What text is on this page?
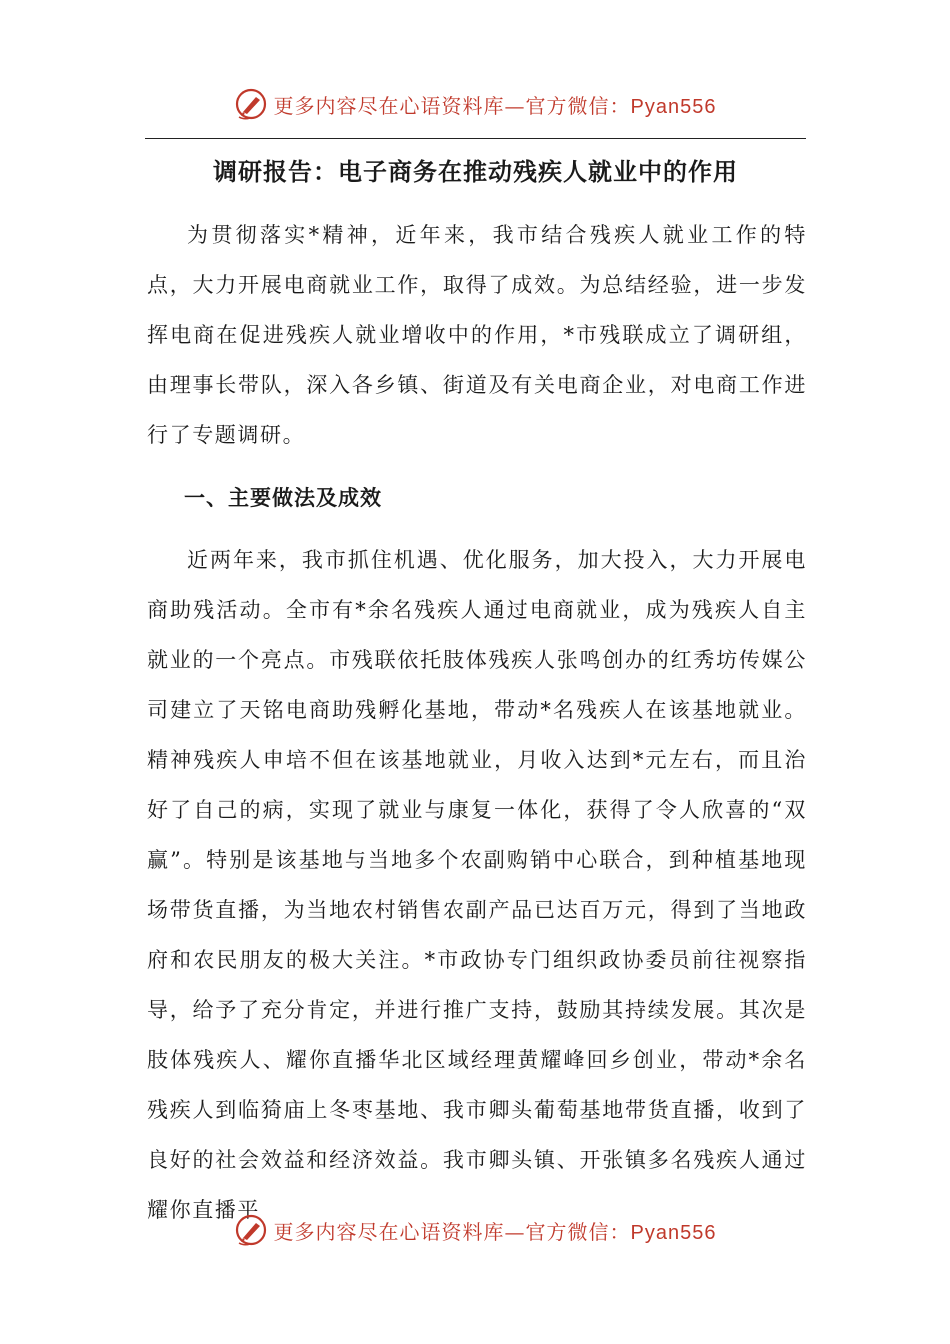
更多内容尽在心语资料库—官方微信：Pyan556
调研报告：电子商务在推动残疾人就业中的作用

为贯彻落实*精神，近年来，我市结合残疾人就业工作的特点，大力开展电商就业工作，取得了成效。为总结经验，进一步发挥电商在促进残疾人就业增收中的作用，*市残联成立了调研组，由理事长带队，深入各乡镇、街道及有关电商企业，对电商工作进行了专题调研。

一、主要做法及成效

近两年来，我市抓住机遇、优化服务，加大投入，大力开展电商助残活动。全市有*余名残疾人通过电商就业，成为残疾人自主就业的一个亮点。市残联依托肢体残疾人张鸣创办的红秀坊传媒公司建立了天铭电商助残孵化基地，带动*名残疾人在该基地就业。精神残疾人申培不但在该基地就业，月收入达到*元左右，而且治好了自己的病，实现了就业与康复一体化，获得了令人欣喜的“双赢”。特别是该基地与当地多个农副购销中心联合，到种植基地现场带货直播，为当地农村销售农副产品已达百万元，得到了当地政府和农民朋友的极大关注。*市政协专门组织政协委员前往视察指导，给予了充分肯定，并进行推广支持，鼓励其持续发展。其次是肢体残疾人、耀你直播华北区域经理黄耀峰回乡创业，带动*余名残疾人到临猗庙上冬枣基地、我市卿头葡萄基地带货直播，收到了良好的社会效益和经济效益。我市卿头镇、开张镇多名残疾人通过耀你直播平

更多内容尽在心语资料库—官方微信：Pyan556
